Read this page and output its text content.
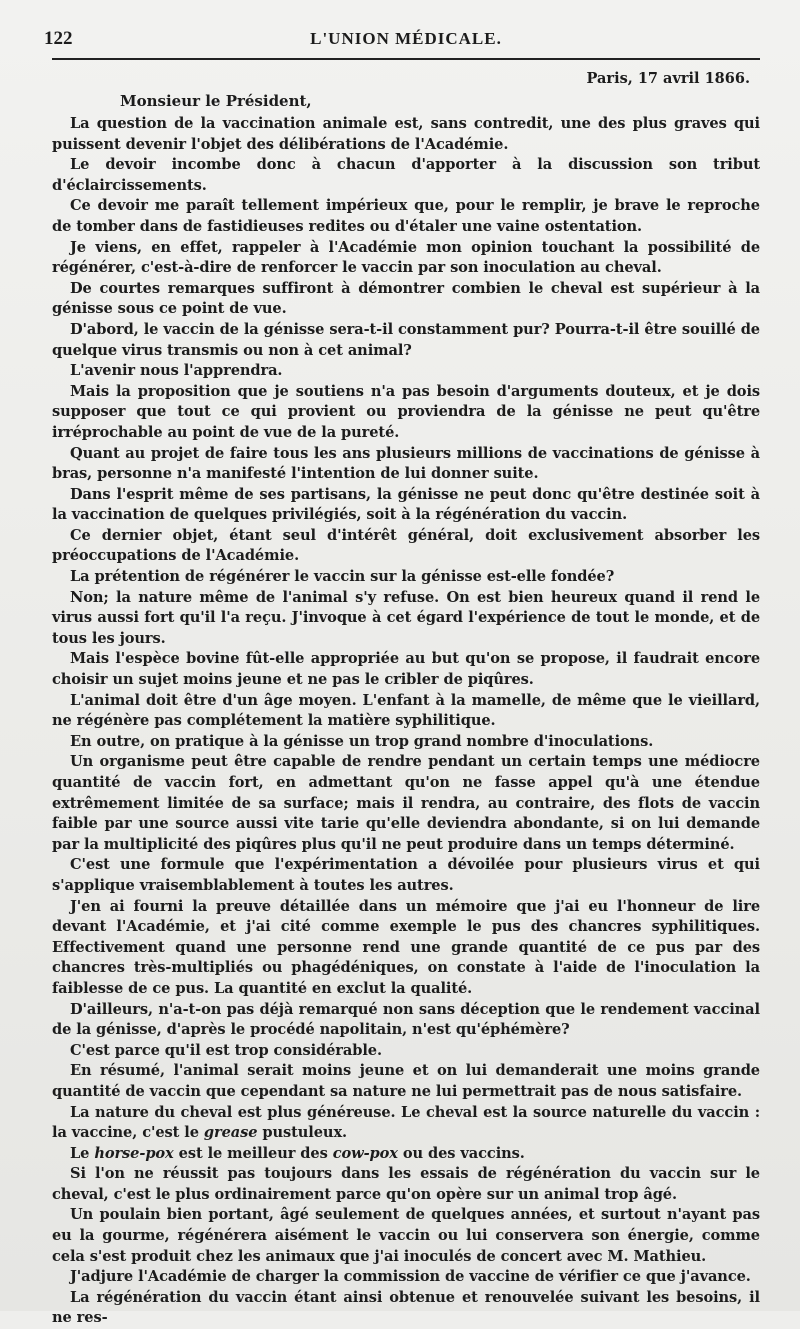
122	L'UNION MÉDICALE.
Paris, 17 avril 1866.
Monsieur le Président,

La question de la vaccination animale est, sans contredit, une des plus graves qui puissent devenir l'objet des délibérations de l'Académie.

Le devoir incombe donc à chacun d'apporter à la discussion son tribut d'éclaircissements.

Ce devoir me paraît tellement impérieux que, pour le remplir, je brave le reproche de tomber dans de fastidieuses redites ou d'étaler une vaine ostentation.

Je viens, en effet, rappeler à l'Académie mon opinion touchant la possibilité de régénérer, c'est-à-dire de renforcer le vaccin par son inoculation au cheval.

De courtes remarques suffiront à démontrer combien le cheval est supérieur à la génisse sous ce point de vue.

D'abord, le vaccin de la génisse sera-t-il constamment pur? Pourra-t-il être souillé de quelque virus transmis ou non à cet animal?

L'avenir nous l'apprendra.

Mais la proposition que je soutiens n'a pas besoin d'arguments douteux, et je dois supposer que tout ce qui provient ou proviendra de la génisse ne peut qu'être irréprochable au point de vue de la pureté.

Quant au projet de faire tous les ans plusieurs millions de vaccinations de génisse à bras, personne n'a manifesté l'intention de lui donner suite.

Dans l'esprit même de ses partisans, la génisse ne peut donc qu'être destinée soit à la vaccination de quelques privilégiés, soit à la régénération du vaccin.

Ce dernier objet, étant seul d'intérêt général, doit exclusivement absorber les préoccupations de l'Académie.

La prétention de régénérer le vaccin sur la génisse est-elle fondée?

Non; la nature même de l'animal s'y refuse. On est bien heureux quand il rend le virus aussi fort qu'il l'a reçu. J'invoque à cet égard l'expérience de tout le monde, et de tous les jours.

Mais l'espèce bovine fût-elle appropriée au but qu'on se propose, il faudrait encore choisir un sujet moins jeune et ne pas le cribler de piqûres.

L'animal doit être d'un âge moyen. L'enfant à la mamelle, de même que le vieillard, ne régénère pas complétement la matière syphilitique.

En outre, on pratique à la génisse un trop grand nombre d'inoculations.

Un organisme peut être capable de rendre pendant un certain temps une médiocre quantité de vaccin fort, en admettant qu'on ne fasse appel qu'à une étendue extrêmement limitée de sa surface; mais il rendra, au contraire, des flots de vaccin faible par une source aussi vite tarie qu'elle deviendra abondante, si on lui demande par la multiplicité des piqûres plus qu'il ne peut produire dans un temps déterminé.

C'est une formule que l'expérimentation a dévoilée pour plusieurs virus et qui s'applique vraisemblablement à toutes les autres.

J'en ai fourni la preuve détaillée dans un mémoire que j'ai eu l'honneur de lire devant l'Académie, et j'ai cité comme exemple le pus des chancres syphilitiques. Effectivement quand une personne rend une grande quantité de ce pus par des chancres très-multipliés ou phagédéniques, on constate à l'aide de l'inoculation la faiblesse de ce pus. La quantité en exclut la qualité.

D'ailleurs, n'a-t-on pas déjà remarqué non sans déception que le rendement vaccinal de la génisse, d'après le procédé napolitain, n'est qu'éphémère?

C'est parce qu'il est trop considérable.

En résumé, l'animal serait moins jeune et on lui demanderait une moins grande quantité de vaccin que cependant sa nature ne lui permettrait pas de nous satisfaire.

La nature du cheval est plus généreuse. Le cheval est la source naturelle du vaccin : la vaccine, c'est le grease pustuleux.

Le horse-pox est le meilleur des cow-pox ou des vaccins.

Si l'on ne réussit pas toujours dans les essais de régénération du vaccin sur le cheval, c'est le plus ordinairement parce qu'on opère sur un animal trop âgé.

Un poulain bien portant, âgé seulement de quelques années, et surtout n'ayant pas eu la gourme, régénérera aisément le vaccin ou lui conservera son énergie, comme cela s'est produit chez les animaux que j'ai inoculés de concert avec M. Mathieu.

J'adjure l'Académie de charger la commission de vaccine de vérifier ce que j'avance.

La régénération du vaccin étant ainsi obtenue et renouvelée suivant les besoins, il ne res-
